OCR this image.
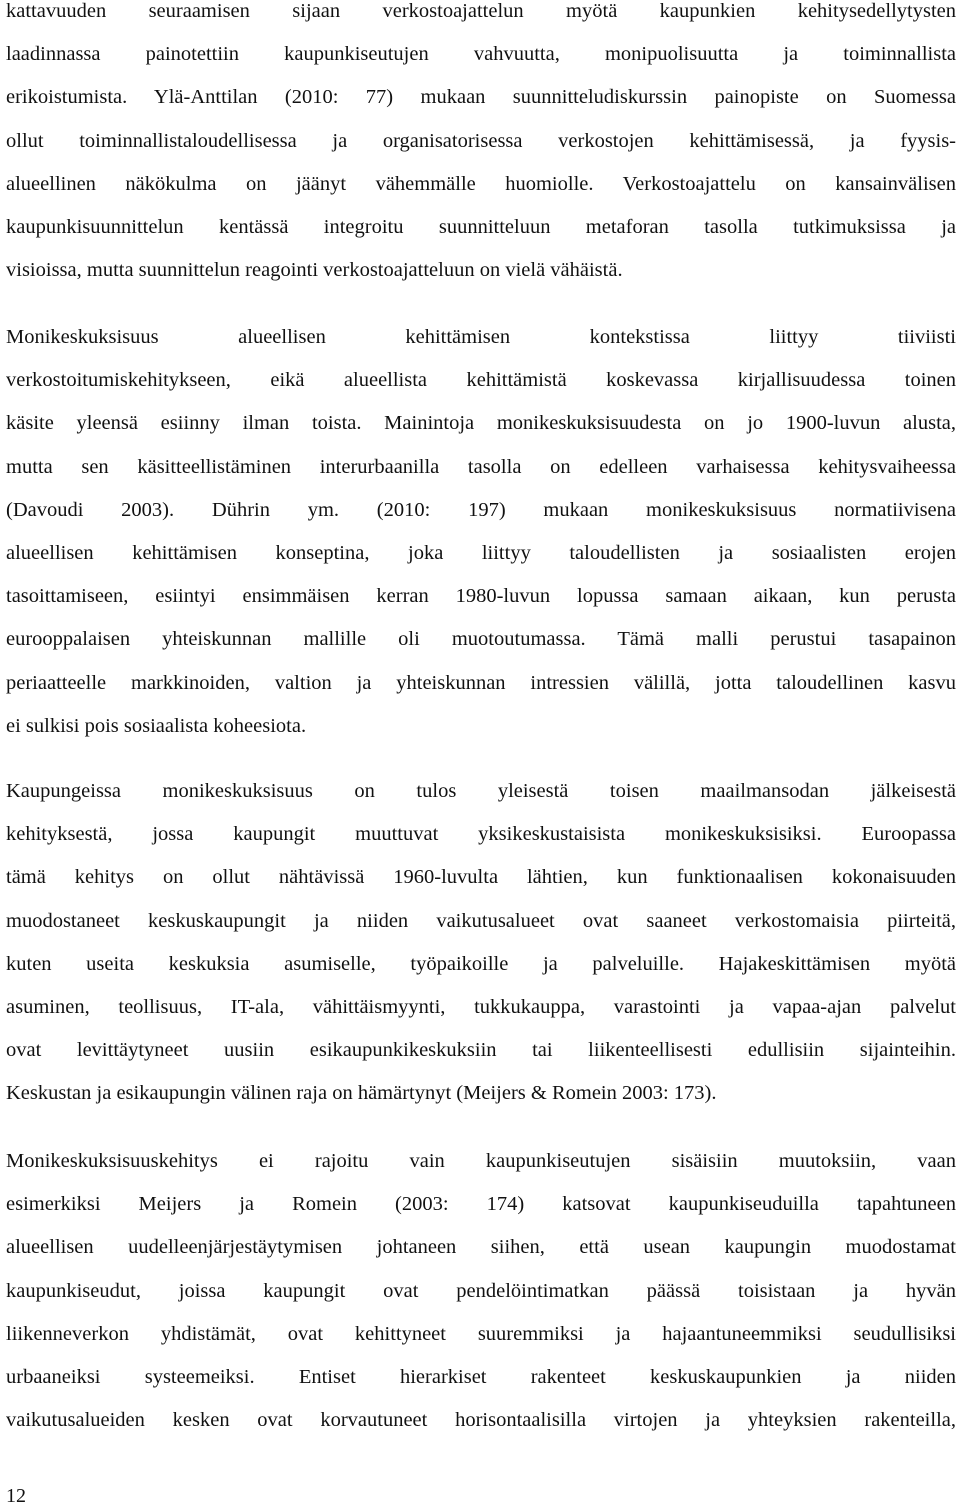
kattavuuden seuraamisen sijaan verkostoajattelun myötä kaupunkien kehitysedellytysten
laadinnassa painotettiin kaupunkiseutujen vahvuutta, monipuolisuutta ja toiminnallista
erikoistumista. Ylä-Anttilan (2010: 77) mukaan suunnitteludiskurssin painopiste on Suomessa
ollut toiminnallistaloudellisessa ja organisatorisessa verkostojen kehittämisessä, ja fyysis-
alueellinen näkökulma on jäänyt vähemmälle huomiolle. Verkostoajattelu on kansainvälisen
kaupunkisuunnittelun kentässä integroitu suunnitteluun metaforan tasolla tutkimuksissa ja
visioissa, mutta suunnittelun reagointi verkostoajatteluun on vielä vähäistä.
Monikeskuksisuus alueellisen kehittämisen kontekstissa liittyy tiiviisti
verkostoitumiskehitykseen, eikä alueellista kehittämistä koskevassa kirjallisuudessa toinen
käsite yleensä esiinny ilman toista. Mainintoja monikeskuksisuudesta on jo 1900-luvun alusta,
mutta sen käsitteellistäminen interurbaanilla tasolla on edelleen varhaisessa kehitysvaiheessa
(Davoudi 2003). Dührin ym. (2010: 197) mukaan monikeskuksisuus normatiivisena
alueellisen kehittämisen konseptina, joka liittyy taloudellisten ja sosiaalisten erojen
tasoittamiseen, esiintyi ensimmäisen kerran 1980-luvun lopussa samaan aikaan, kun perusta
eurooppalaisen yhteiskunnan mallille oli muotoutumassa. Tämä malli perustui tasapainon
periaatteelle markkinoiden, valtion ja yhteiskunnan intressien välillä, jotta taloudellinen kasvu
ei sulkisi pois sosiaalista koheesiota.
Kaupungeissa monikeskuksisuus on tulos yleisestä toisen maailmansodan jälkeisestä
kehityksestä, jossa kaupungit muuttuvat yksikeskustaisista monikeskuksisiksi. Euroopassa
tämä kehitys on ollut nähtävissä 1960-luvulta lähtien, kun funktionaalisen kokonaisuuden
muodostaneet keskuskaupungit ja niiden vaikutusalueet ovat saaneet verkostomaisia piirteitä,
kuten useita keskuksia asumiselle, työpaikoille ja palveluille. Hajakeskittämisen myötä
asuminen, teollisuus, IT-ala, vähittäismyynti, tukkukauppa, varastointi ja vapaa-ajan palvelut
ovat levittäytyneet uusiin esikaupunkikeskuksiin tai liikenteellisesti edullisiin sijainteihin.
Keskustan ja esikaupungin välinen raja on hämärtynyt (Meijers & Romein 2003: 173).
Monikeskuksisuuskehitys ei rajoitu vain kaupunkiseutujen sisäisiin muutoksiin, vaan
esimerkiksi Meijers ja Romein (2003: 174) katsovat kaupunkiseuduilla tapahtuneen
alueellisen uudelleenjärjestäytymisen johtaneen siihen, että usean kaupungin muodostamat
kaupunkiseudut, joissa kaupungit ovat pendelöintimatkan päässä toisistaan ja hyvän
liikenneverkon yhdistämät, ovat kehittyneet suuremmiksi ja hajaantuneemmiksi seudullisiksi
urbaaneiksi systeemeiksi. Entiset hierarkiset rakenteet keskuskaupunkien ja niiden
vaikutusalueiden kesken ovat korvautuneet horisontaalisilla virtojen ja yhteyksien rakenteilla,
12
